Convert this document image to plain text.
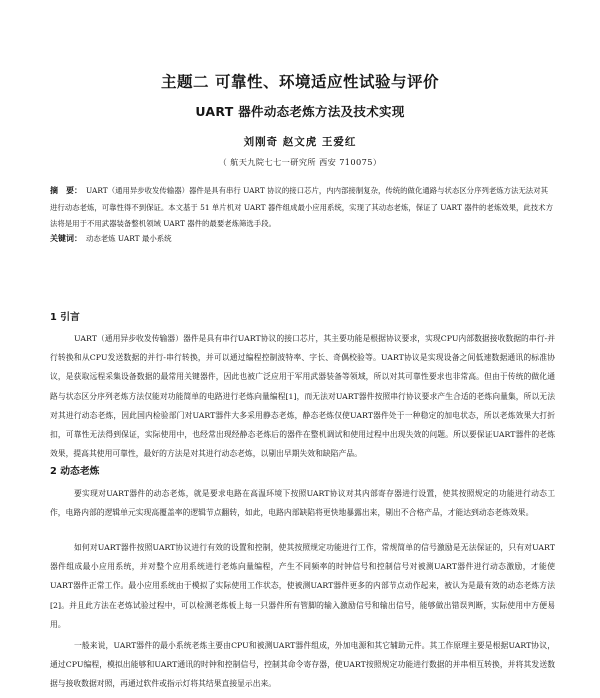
主题二 可靠性、环境适应性试验与评价
UART 器件动态老炼方法及技术实现
刘刚奇 赵文虎 王爱红
（ 航天九院七七一研究所 西安 710075）
摘　要： UART（通用异步收发传输器）器件是具有串行 UART 协议的接口芯片，内内部接制复杂，传统的做化通路与状态区分序列老炼方法无法对其进行动态老炼，可靠性得不到保证。本文基于 51 单片机对 UART 器件组成最小应用系统，实现了其动态老炼，保证了 UART 器件的老炼效果，此技术方法将是用于不用武器装备整机领域 UART 器件的最要老炼筛选手段。
关键词： 动态老炼 UART 最小系统
1 引言
UART（通用异步收发传输器）器件是具有串行UART协议的接口芯片，其主要功能是根据协议要求，实现CPU内部数据接收数据的串行-并行转换和从CPU发送数据的并行-串行转换，并可以通过编程控制波特率、字长、奇偶校验等。UART协议是实现设备之间低速数据通讯的标准协议，是获取远程采集设备数据的最常用关键器件，因此也被广泛应用于军用武器装备等领域，所以对其可靠性要求也非常高。但由于传统的做化通路与状态区分序列老炼方法仅能对功能简单的电路进行老炼向量编程[1]，而无法对UART器件按照串行协议要求产生合适的老炼向量集，所以无法对其进行动态老炼，因此国内检验部门对UART器件大多采用静态老炼，静态老炼仅使UART器件处于一种稳定的加电状态，所以老炼效果大打折扣，可靠性无法得到保证，实际使用中，也经常出现经静态老炼后的器件在整机调试和使用过程中出现失效的问题。所以要保证UART器件的老炼效果，提高其使用可靠性，最好的方法是对其进行动态老炼，以剔出早期失效和缺陷产品。
2 动态老炼
要实现对UART器件的动态老炼，就是要求电路在高温环境下按照UART协议对其内部寄存器进行设置，使其按照规定的功能进行动态工作，电路内部的逻辑单元实现高覆盖率的逻辑节点翻转，如此，电路内部缺陷将更快地暴露出来，剔出不合格产品，才能达到动态老炼效果。
如何对UART器件按照UART协议进行有效的设置和控制，使其按照规定功能进行工作，常规简单的信号激励是无法保证的，只有对UART器件组成最小应用系统，并对整个应用系统进行老炼向量编程，产生不同频率的时钟信号和控制信号对被测UART器件进行动态激励，才能使UART器件正常工作。最小应用系统由于模拟了实际使用工作状态，使被测UART器件更多的内部节点动作起来，被认为是最有效的动态老炼方法[2]。并且此方法在老炼试验过程中，可以检测老炼板上每一只器件所有管脚的输入激励信号和输出信号，能够做出错误判断，实际使用中方便易用。
一般来说，UART器件的最小系统老炼主要由CPU和被测UART器件组成，外加电源和其它辅助元件。其工作原理主要是根据UART协议，通过CPU编程，模拟出能够和UART通讯的时钟和控制信号，控制其命令寄存器，使UART按照规定功能进行数据的并串相互转换，并将其发送数据与接收数据对照，再通过软件或指示灯将其结果直接显示出来。
